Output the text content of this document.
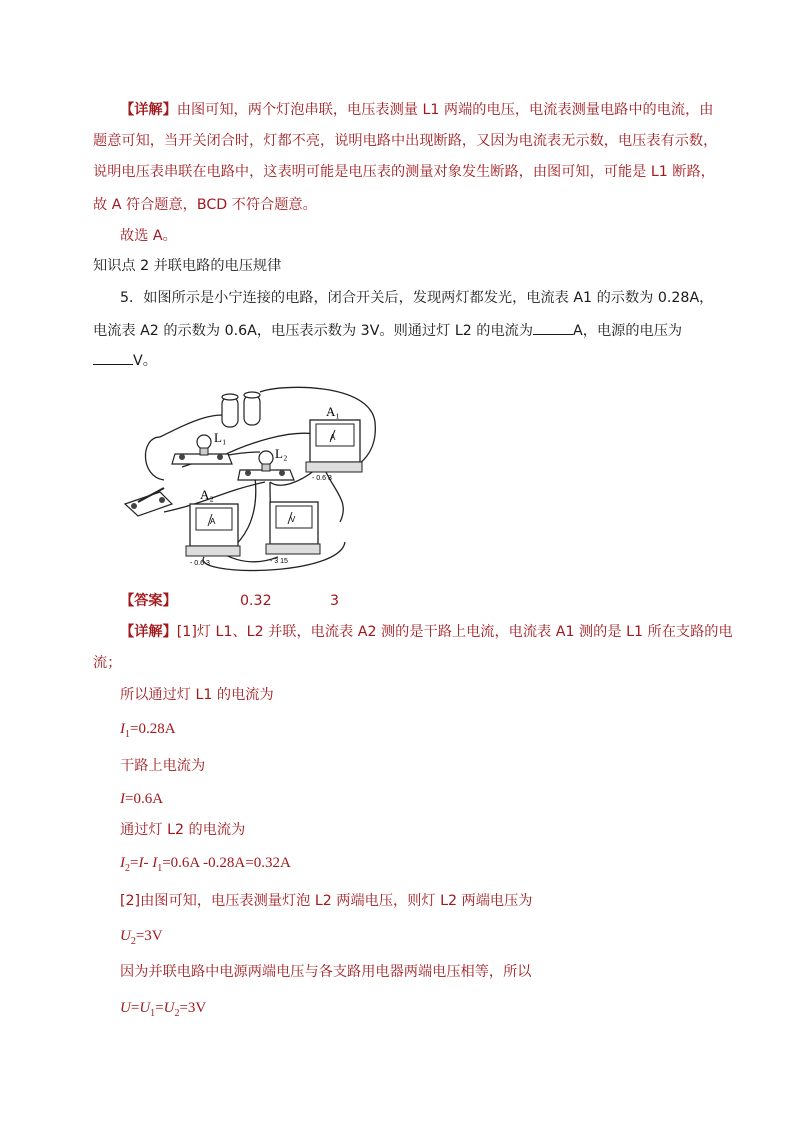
【详解】由图可知，两个灯泡串联，电压表测量 L1 两端的电压，电流表测量电路中的电流，由
题意可知，当开关闭合时，灯都不亮，说明电路中出现断路，又因为电流表无示数，电压表有示数，
说明电压表串联在电路中，这表明可能是电压表的测量对象发生断路，由图可知，可能是 L1 断路，
故 A 符合题意，BCD 不符合题意。
故选 A。
知识点 2 并联电路的电压规律
5．如图所示是小宁连接的电路，闭合开关后，发现两灯都发光，电流表 A1 的示数为 0.28A，
电流表 A2 的示数为 0.6A，电压表示数为 3V。则通过灯 L2 的电流为	A，电源的电压为
V。
L₁
L₂
A₁
A
- 0.6 3
A₂
A
- 0.6 3
V
- 3 15
【答案】	0.32	3
【详解】[1]灯 L1、L2 并联，电流表 A2 测的是干路上电流，电流表 A1 测的是 L1 所在支路的电
流；
所以通过灯 L1 的电流为
$I_1=0.28A$
干路上电流为
I=0.6A
通过灯 L2 的电流为
$I_2=I-$ $I_1=0.6A$ -0.28A=0.32A
[2]由图可知，电压表测量灯泡 L2 两端电压，则灯 L2 两端电压为
$U_2=3V$
因为并联电路中电源两端电压与各支路用电器两端电压相等，所以
$U=U_1=U_2=3V$
